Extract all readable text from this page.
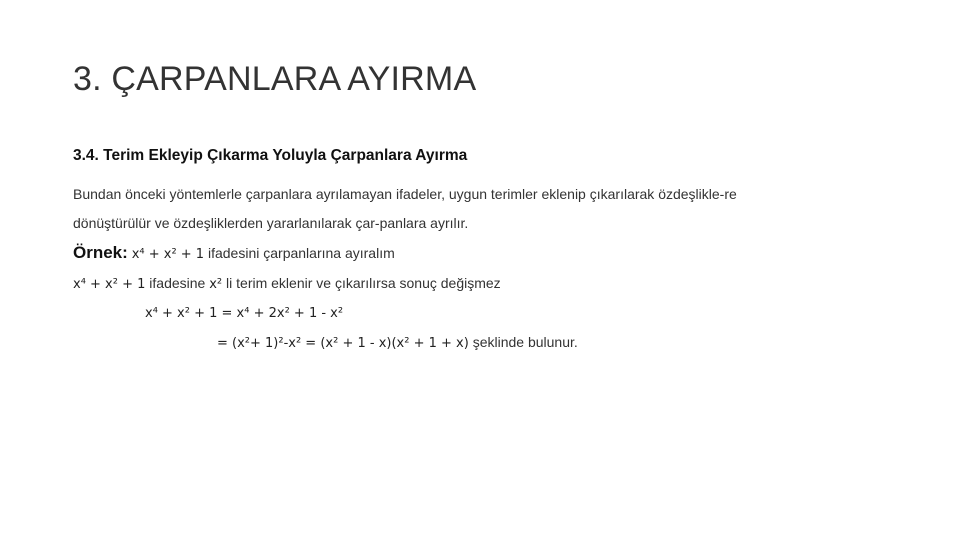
3. ÇARPANLARA AYIRMA
3.4. Terim Ekleyip Çıkarma Yoluyla Çarpanlara Ayırma

Bundan önceki yöntemlerle çarpanlara ayrılamayan ifadeler, uygun terimler eklenip çıkarılarak özdeşlikle-re

dönüştürülür ve özdeşliklerden yararlanılarak çar-panlara ayrılır.

Örnek: x⁴ + x² + 1 ifadesini çarpanlarına ayıralım
x⁴ + x² + 1 ifadesine x² li terim eklenir ve çıkarılırsa sonuç değişmez
x⁴ + x² + 1 = x⁴ + 2x² + 1 - x²
= (x²+ 1)²-x² = (x² + 1 - x)(x² + 1 + x) şeklinde bulunur.
